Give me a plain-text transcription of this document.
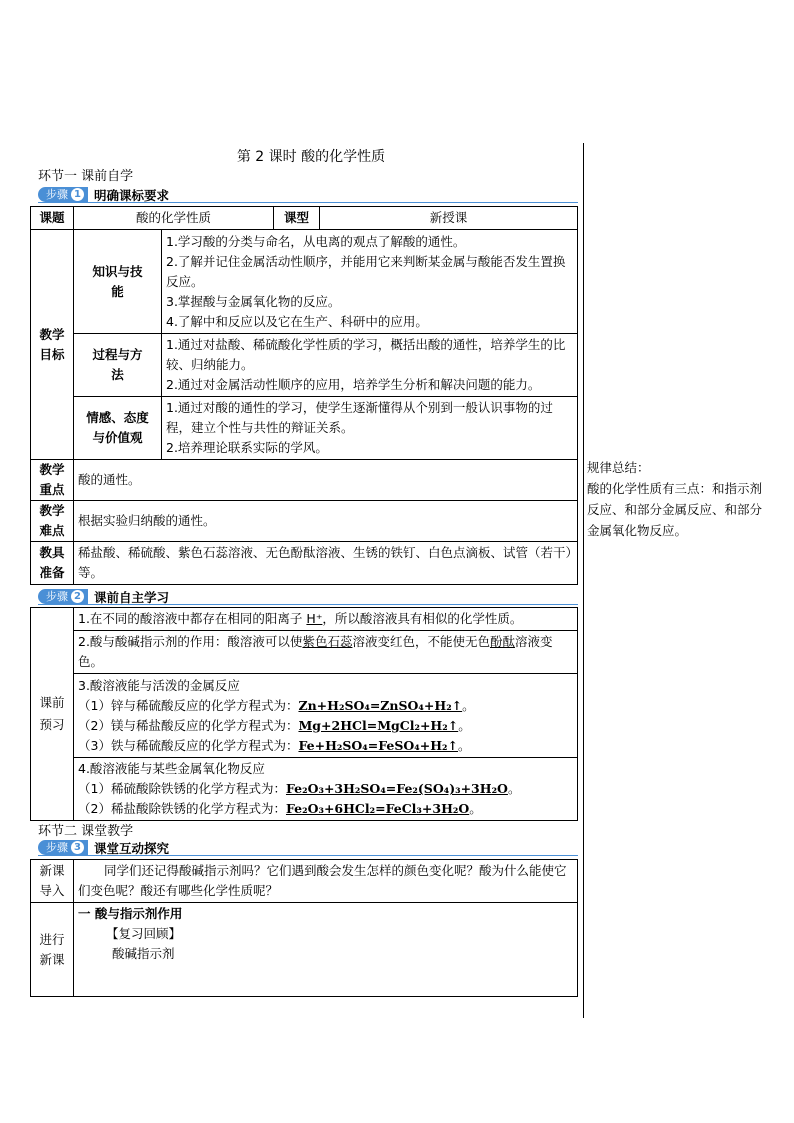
第 2 课时 酸的化学性质
环节一 课前自学
步骤 1 明确课标要求
课题	酸的化学性质		课型	新授课
教学目标	知识与技能	1.学习酸的分类与命名，从电离的观点了解酸的通性。
2.了解并记住金属活动性顺序，并能用它来判断某金属与酸能否发生置换反应。
3.掌握酸与金属氧化物的反应。
4.了解中和反应以及它在生产、科研中的应用。		

	过程与方法	1.通过对盐酸、稀硫酸化学性质的学习，概括出酸的通性，培养学生的比较、归纳能力。
2.通过对金属活动性顺序的应用，培养学生分析和解决问题的能力。		

	情感、态度与价值观	1.通过对酸的通性的学习，使学生逐渐懂得从个别到一般认识事物的过程，建立个性与共性的辩证关系。
2.培养理论联系实际的学风。		

教学重点	酸的通性。			
教学难点	根据实验归纳酸的通性。			
教具准备	稀盐酸、稀硫酸、紫色石蕊溶液、无色酚酞溶液、生锈的铁钉、白色点滴板、试管（若干）等。			
步骤 2 课前自主学习
课前预习	1.在不同的酸溶液中都存在相同的阳离子 H⁺，所以酸溶液具有相似的化学性质。
2.酸与酸碱指示剂的作用：酸溶液可以使紫色石蕊溶液变红色，不能使无色酚酞溶液变色。

3.酸溶液能与活泼的金属反应
（1）锌与稀硫酸反应的化学方程式为：Zn+H₂SO₄=ZnSO₄+H₂↑。
（2）镁与稀盐酸反应的化学方程式为：Mg+2HCl=MgCl₂+H₂↑。
（3）铁与稀硫酸反应的化学方程式为：Fe+H₂SO₄=FeSO₄+H₂↑。

4.酸溶液能与某些金属氧化物反应
（1）稀硫酸除铁锈的化学方程式为：Fe₂O₃+3H₂SO₄=Fe₂(SO₄)₃+3H₂O。
（2）稀盐酸除铁锈的化学方程式为：Fe₂O₃+6HCl₂=FeCl₃+3H₂O。
环节二 课堂教学
步骤 3 课堂互动探究
新课导入	同学们还记得酸碱指示剂吗？它们遇到酸会发生怎样的颜色变化呢？酸为什么能使它们变色呢？酸还有哪些化学性质呢？
进行新课	一 酸与指示剂作用
【复习回顾】
酸碱指示剂
规律总结：
酸的化学性质有三点：和指示剂反应、和部分金属反应、和部分金属氧化物反应。
